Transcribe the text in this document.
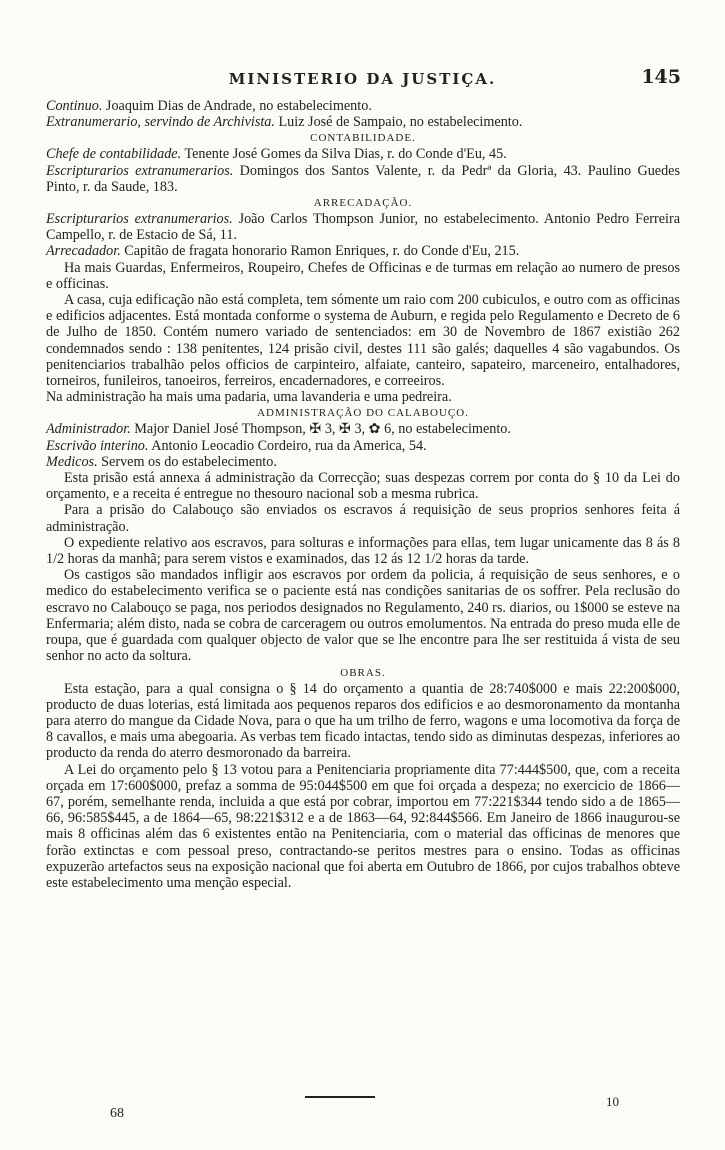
MINISTERIO DA JUSTIÇA.	145

Continuo. Joaquim Dias de Andrade, no estabelecimento.

Extranumerario, servindo de Archivista. Luiz José de Sampaio, no estabelecimento.

CONTABILIDADE.

Chefe de contabilidade. Tenente José Gomes da Silva Dias, r. do Conde d'Eu, 45.

Escripturarios extranumerarios. Domingos dos Santos Valente, r. da Pedrª da Gloria, 43. Paulino Guedes Pinto, r. da Saude, 183.

ARRECADAÇÃO.

Escripturarios extranumerarios. João Carlos Thompson Junior, no estabelecimento. Antonio Pedro Ferreira Campello, r. de Estacio de Sá, 11.

Arrecadador. Capitão de fragata honorario Ramon Enriques, r. do Conde d'Eu, 215.

Ha mais Guardas, Enfermeiros, Roupeiro, Chefes de Officinas e de turmas em relação ao numero de presos e officinas.

A casa, cuja edificação não está completa, tem sómente um raio com 200 cubiculos, e outro com as officinas e edificios adjacentes. Está montada conforme o systema de Auburn, e regida pelo Regulamento e Decreto de 6 de Julho de 1850. Contém numero variado de sentenciados: em 30 de Novembro de 1867 existião 262 condemnados sendo : 138 penitentes, 124 prisão civil, destes 111 são galés; daquelles 4 são vagabundos. Os penitenciarios trabalhão pelos officios de carpinteiro, alfaiate, canteiro, sapateiro, marceneiro, entalhadores, torneiros, funileiros, tanoeiros, ferreiros, encadernadores, e correeiros.

Na administração ha mais uma padaria, uma lavanderia e uma pedreira.

ADMINISTRAÇÃO DO CALABOUÇO.

Administrador. Major Daniel José Thompson, ✠ 3, ✠ 3, ✿ 6, no estabelecimento.

Escrivão interino. Antonio Leocadio Cordeiro, rua da America, 54.

Medicos. Servem os do estabelecimento.

Esta prisão está annexa á administração da Correcção; suas despezas correm por conta do § 10 da Lei do orçamento, e a receita é entregue no thesouro nacional sob a mesma rubrica.

Para a prisão do Calabouço são enviados os escravos á requisição de seus proprios senhores feita á administração.

O expediente relativo aos escravos, para solturas e informações para ellas, tem lugar unicamente das 8 ás 8 1/2 horas da manhã; para serem vistos e examinados, das 12 ás 12 1/2 horas da tarde.

Os castigos são mandados infligir aos escravos por ordem da policia, á requisição de seus senhores, e o medico do estabelecimento verifica se o paciente está nas condições sanitarias de os soffrer. Pela reclusão do escravo no Calabouço se paga, nos periodos designados no Regulamento, 240 rs. diarios, ou 1$000 se esteve na Enfermaria; além disto, nada se cobra de carceragem ou outros emolumentos. Na entrada do preso muda elle de roupa, que é guardada com qualquer objecto de valor que se lhe encontre para lhe ser restituida á vista de seu senhor no acto da soltura.

OBRAS.

Esta estação, para a qual consigna o § 14 do orçamento a quantia de 28:740$000 e mais 22:200$000, producto de duas loterias, está limitada aos pequenos reparos dos edificios e ao desmoronamento da montanha para aterro do mangue da Cidade Nova, para o que ha um trilho de ferro, wagons e uma locomotiva da força de 8 cavallos, e mais uma abegoaria. As verbas tem ficado intactas, tendo sido as diminutas despezas, inferiores ao producto da renda do aterro desmoronado da barreira.

A Lei do orçamento pelo § 13 votou para a Penitenciaria propriamente dita 77:444$500, que, com a receita orçada em 17:600$000, prefaz a somma de 95:044$500 em que foi orçada a despeza; no exercicio de 1866—67, porém, semelhante renda, incluida a que está por cobrar, importou em 77:221$344 tendo sido a de 1865—66, 96:585$445, a de 1864—65, 98:221$312 e a de 1863—64, 92:844$566. Em Janeiro de 1866 inaugurou-se mais 8 officinas além das 6 existentes então na Penitenciaria, com o material das officinas de menores que forão extinctas e com pessoal preso, contractando-se peritos mestres para o ensino. Todas as officinas expuzerão artefactos seus na exposição nacional que foi aberta em Outubro de 1866, por cujos trabalhos obteve este estabelecimento uma menção especial.

68
10
